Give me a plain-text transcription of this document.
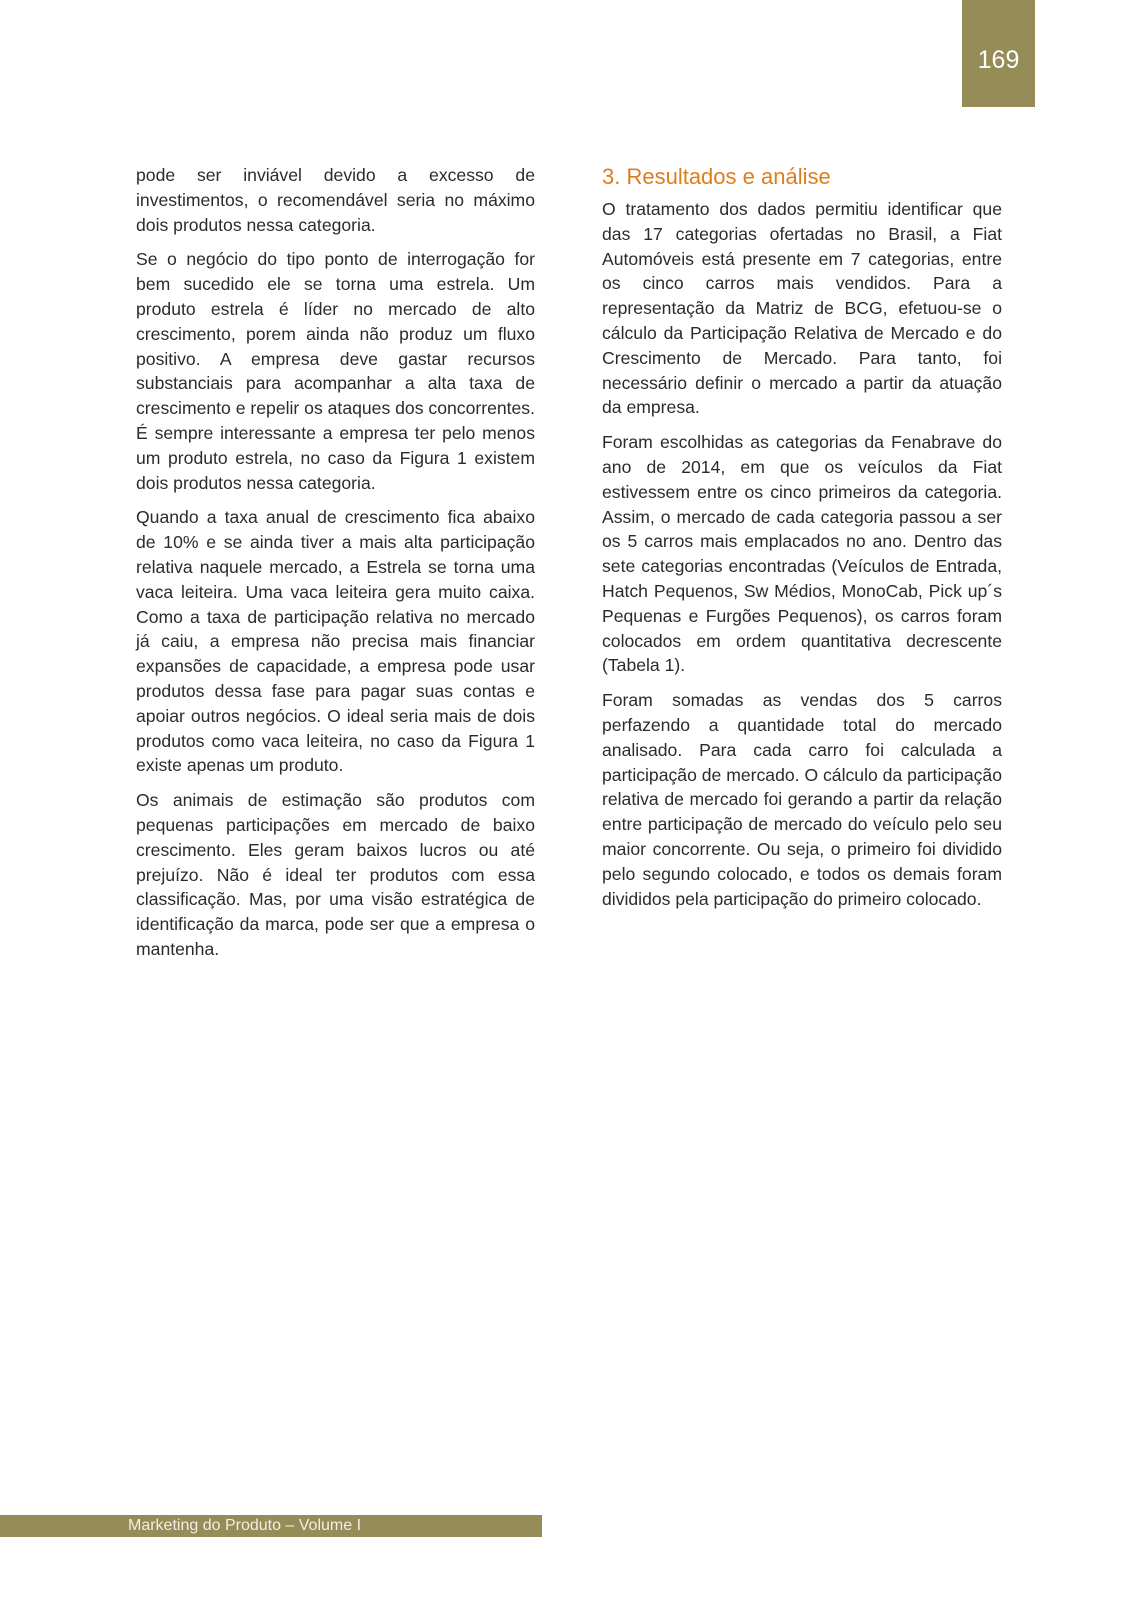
169

pode ser inviável devido a excesso de investimentos, o recomendável seria no máximo dois produtos nessa categoria.

Se o negócio do tipo ponto de interrogação for bem sucedido ele se torna uma estrela. Um produto estrela é líder no mercado de alto crescimento, porem ainda não produz um fluxo positivo. A empresa deve gastar recursos substanciais para acompanhar a alta taxa de crescimento e repelir os ataques dos concorrentes. É sempre interessante a empresa ter pelo menos um produto estrela, no caso da Figura 1 existem dois produtos nessa categoria.

Quando a taxa anual de crescimento fica abaixo de 10% e se ainda tiver a mais alta participação relativa naquele mercado, a Estrela se torna uma vaca leiteira. Uma vaca leiteira gera muito caixa. Como a taxa de participação relativa no mercado já caiu, a empresa não precisa mais financiar expansões de capacidade, a empresa pode usar produtos dessa fase para pagar suas contas e apoiar outros negócios. O ideal seria mais de dois produtos como vaca leiteira, no caso da Figura 1 existe apenas um produto.

Os animais de estimação são produtos com pequenas participações em mercado de baixo crescimento. Eles geram baixos lucros ou até prejuízo. Não é ideal ter produtos com essa classificação. Mas, por uma visão estratégica de identificação da marca, pode ser que a empresa o mantenha.

3. Resultados e análise

O tratamento dos dados permitiu identificar que das 17 categorias ofertadas no Brasil, a Fiat Automóveis está presente em 7 categorias, entre os cinco carros mais vendidos. Para a representação da Matriz de BCG, efetuou-se o cálculo da Participação Relativa de Mercado e do Crescimento de Mercado. Para tanto, foi necessário definir o mercado a partir da atuação da empresa.

Foram escolhidas as categorias da Fenabrave do ano de 2014, em que os veículos da Fiat estivessem entre os cinco primeiros da categoria. Assim, o mercado de cada categoria passou a ser os 5 carros mais emplacados no ano. Dentro das sete categorias encontradas (Veículos de Entrada, Hatch Pequenos, Sw Médios, MonoCab, Pick up´s Pequenas e Furgões Pequenos), os carros foram colocados em ordem quantitativa decrescente (Tabela 1).

Foram somadas as vendas dos 5 carros perfazendo a quantidade total do mercado analisado. Para cada carro foi calculada a participação de mercado. O cálculo da participação relativa de mercado foi gerando a partir da relação entre participação de mercado do veículo pelo seu maior concorrente. Ou seja, o primeiro foi dividido pelo segundo colocado, e todos os demais foram divididos pela participação do primeiro colocado.

Marketing do Produto – Volume I
